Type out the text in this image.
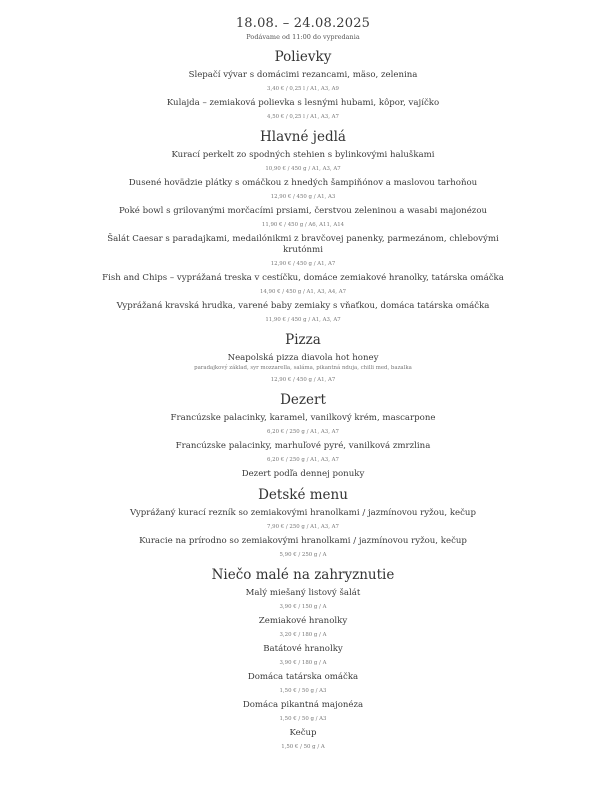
18.08. – 24.08.2025
Podávame od 11:00 do vypredania
Polievky
Slepačí vývar s domácimi rezancami, mäso, zelenina
3,40 € / 0,25 l / A1, A3, A9
Kulajda – zemiaková polievka s lesnými hubami, kôpor, vajíčko
4,50 € / 0,25 l / A1, A3, A7
Hlavné jedlá
Kurací perkelt zo spodných stehien s bylinkovými haluškami
10,90 € / 450 g / A1, A3, A7
Dusené hovädzie plátky s omáčkou z hnedých šampiňónov a maslovou tarhoňou
12,90 € / 450 g / A1, A3
Poké bowl s grilovanými morčacími prsiami, čerstvou zeleninou a wasabi majonézou
11,90 € / 450 g / A6, A11, A14
Šalát Caesar s paradajkami, medailónikmi z bravčovej panenky, parmezánom, chlebovými krutónmi
12,90 € / 450 g / A1, A7
Fish and Chips – vyprážaná treska v cestíčku, domáce zemiakové hranolky, tatárska omáčka
14,90 € / 450 g / A1, A3, A4, A7
Vyprážaná kravská hrudka, varené baby zemiaky s vňaťkou, domáca tatárska omáčka
11,90 € / 450 g / A1, A3, A7
Pizza
Neapolská pizza diavola hot honey
paradajkový základ, syr mozzarella, salámа, pikantná nduja, chilli med, bazalka
12,90 € / 450 g / A1, A7
Dezert
Francúzske palacinky, karamel, vanilkový krém, mascarpone
6,20 € / 250 g / A1, A3, A7
Francúzske palacinky, marhuľové pyré, vanilková zmrzlina
6,20 € / 250 g / A1, A3, A7
Dezert podľa dennej ponuky
Detské menu
Vyprážaný kurací rezník so zemiakovými hranolkami / jazmínovou ryžou, kečup
7,90 € / 250 g / A1, A3, A7
Kuracie na prírodno so zemiakovými hranolkami / jazmínovou ryžou, kečup
5,90 € / 250 g / A
Niečo malé na zahryznutie
Malý miešaný listový šalát
3,90 € / 150 g / A
Zemiakové hranolky
3,20 € / 180 g / A
Batátové hranolky
3,90 € / 180 g / A
Domáca tatárska omáčka
1,50 € / 50 g / A3
Domáca pikantná majonéza
1,50 € / 50 g / A3
Kečup
1,50 € / 50 g / A
